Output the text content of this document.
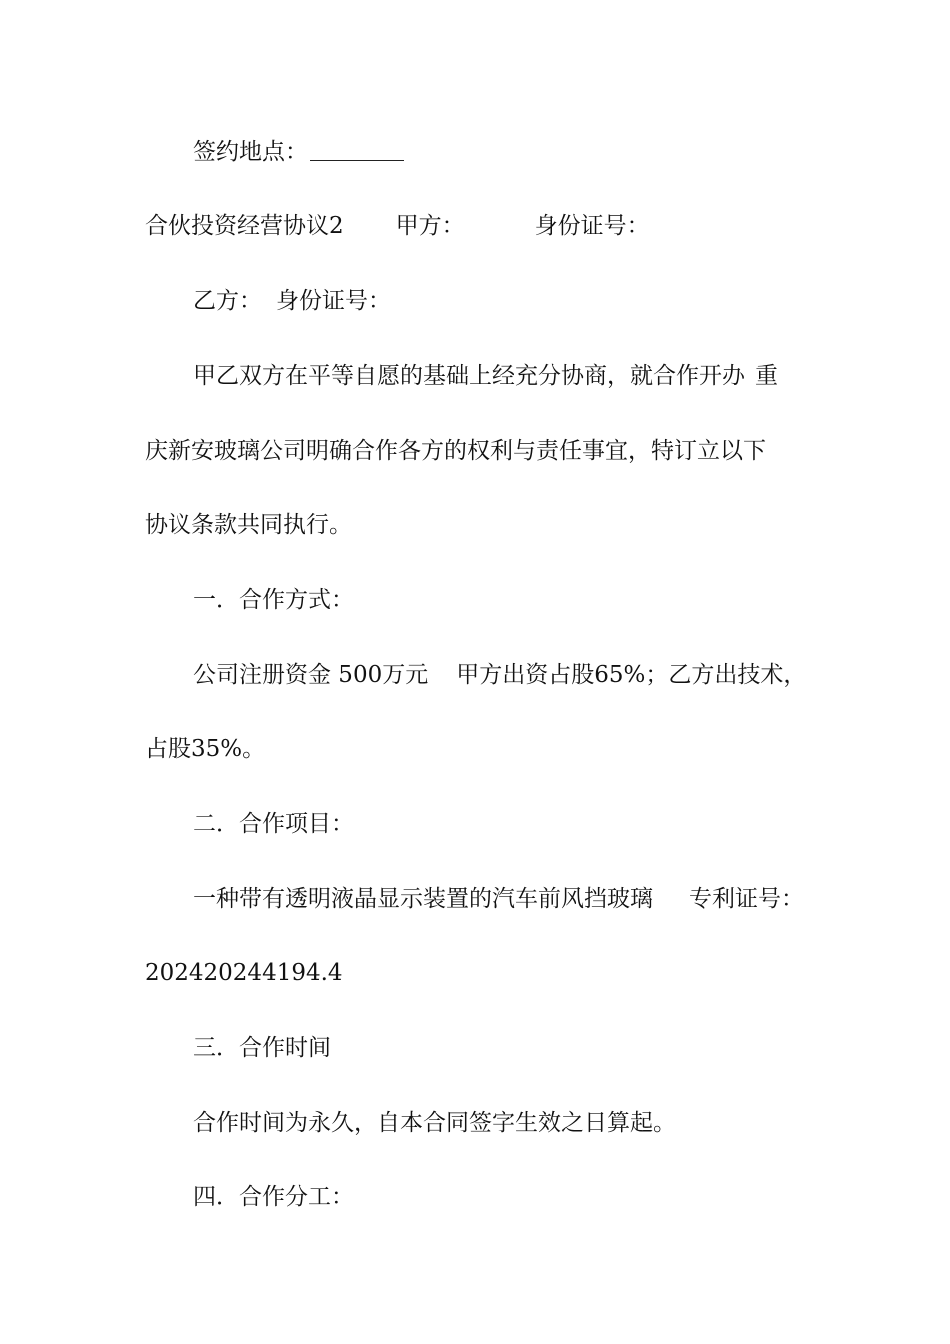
签约地点：
合伙投资经营协议2 甲方：	身份证号：
乙方： 身份证号：
甲乙双方在平等自愿的基础上经充分协商，就合作开办 重
庆新安玻璃公司明确合作各方的权利与责任事宜，特订立以下
协议条款共同执行。
一．合作方式：
公司注册资金 500万元 甲方出资占股65%；乙方出技术，
占股35%。
二．合作项目：
一种带有透明液晶显示装置的汽车前风挡玻璃 专利证号：
202420244194.4
三．合作时间
合作时间为永久，自本合同签字生效之日算起。
四．合作分工：
